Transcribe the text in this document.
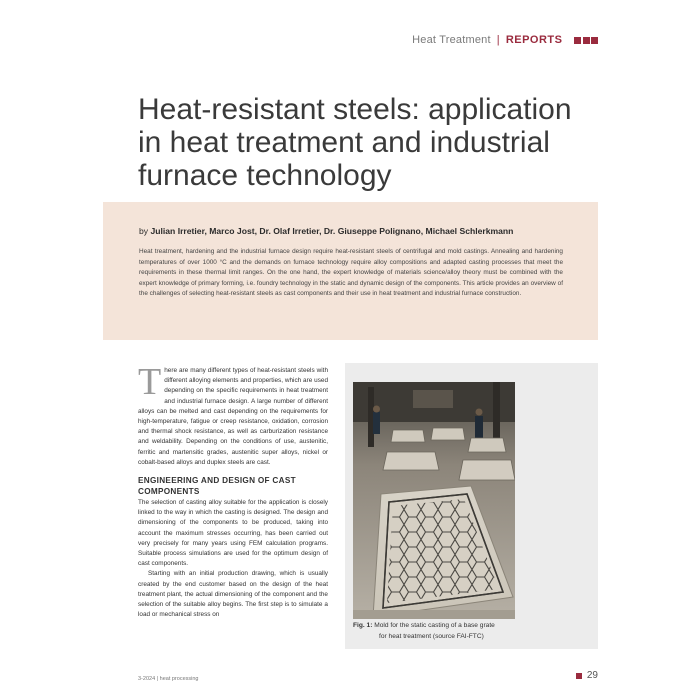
Heat Treatment | REPORTS
Heat-resistant steels: application
in heat treatment and industrial
furnace technology
by Julian Irretier, Marco Jost, Dr. Olaf Irretier, Dr. Giuseppe Polignano, Michael Schlerkmann

Heat treatment, hardening and the industrial furnace design require heat-resistant steels of centrifugal and mold castings. Annealing and hardening temperatures of over 1000 °C and the demands on furnace technology require alloy compositions and adapted casting processes that meet the requirements in these thermal limit ranges. On the one hand, the expert knowledge of materials science/alloy theory must be combined with the expert knowledge of primary forming, i.e. foundry technology in the static and dynamic design of the components. This article provides an overview of the challenges of selecting heat-resistant steels as cast components and their use in heat treatment and industrial furnace construction.

There are many different types of heat-resistant steels with different alloying elements and properties, which are used depending on the specific requirements in heat treatment and industrial furnace design. A large number of different alloys can be melted and cast depending on the requirements for high-temperature, fatigue or creep resistance, oxidation, corrosion and thermal shock resistance, as well as carburization resistance and weldability. Depending on the conditions of use, austenitic, ferritic and martensitic grades, austenitic super alloys, nickel or cobalt-based alloys and duplex steels are cast.

ENGINEERING AND DESIGN OF CAST COMPONENTS

The selection of casting alloy suitable for the application is closely linked to the way in which the casting is designed. The design and dimensioning of the components to be produced, taking into account the maximum stresses occurring, has been carried out very precisely for many years using FEM calculation programs. Suitable process simulations are used for the optimum design of cast components.

Starting with an initial production drawing, which is usually created by the end customer based on the design of the heat treatment plant, the actual dimensioning of the component and the selection of the suitable alloy begins. The first step is to simulate a load or mechanical stress on

Fig. 1: Mold for the static casting of a base grate
for heat treatment (source FAI-FTC)
3-2024 | heat processing	29
